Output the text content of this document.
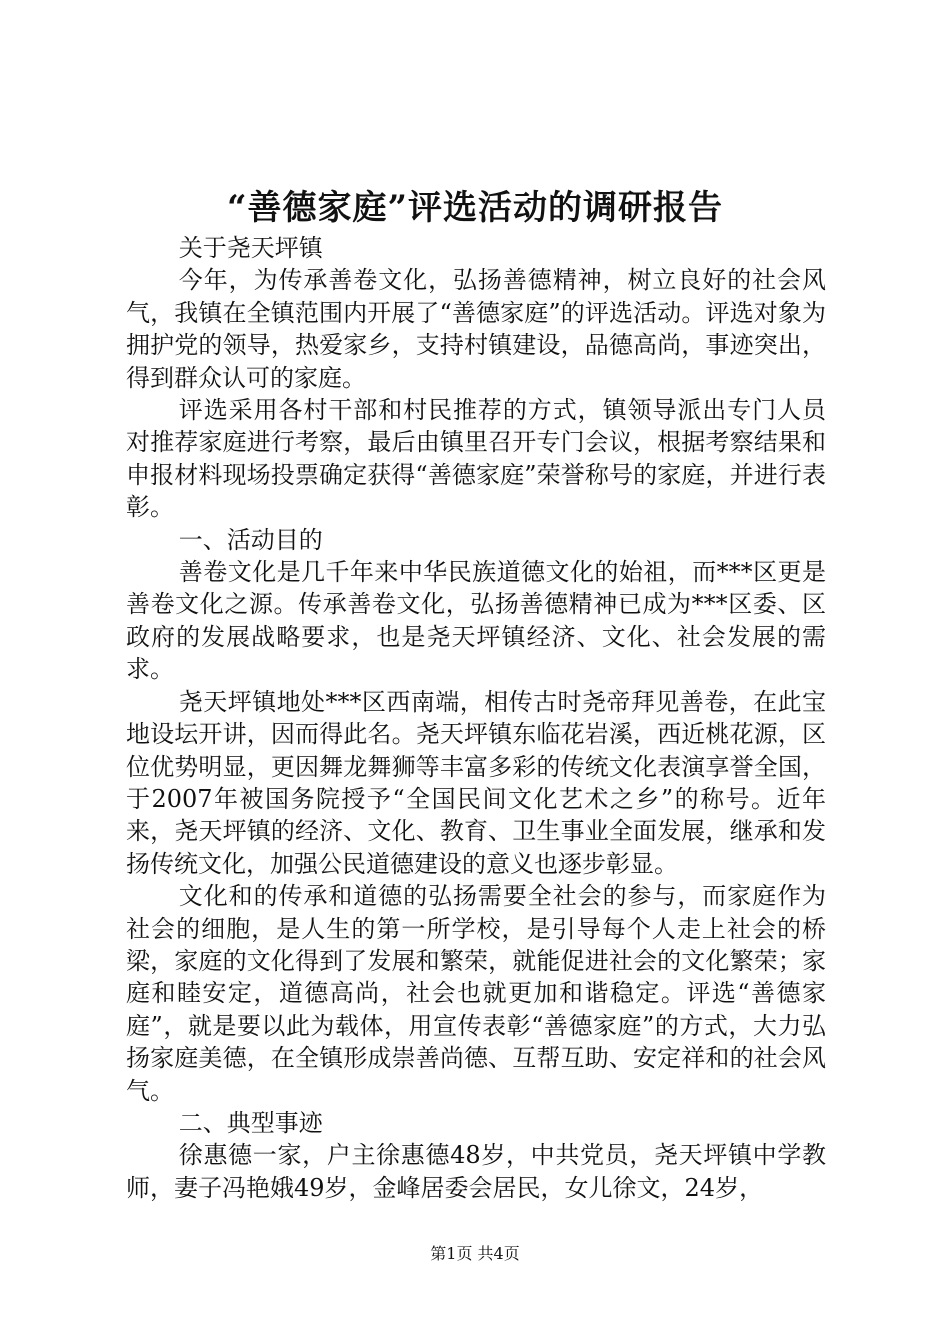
“善德家庭”评选活动的调研报告

关于尧天坪镇

今年，为传承善卷文化，弘扬善德精神，树立良好的社会风气，我镇在全镇范围内开展了“善德家庭”的评选活动。评选对象为拥护党的领导，热爱家乡，支持村镇建设，品德高尚，事迹突出，得到群众认可的家庭。

评选采用各村干部和村民推荐的方式，镇领导派出专门人员对推荐家庭进行考察，最后由镇里召开专门会议，根据考察结果和申报材料现场投票确定获得“善德家庭”荣誉称号的家庭，并进行表彰。

一、活动目的

善卷文化是几千年来中华民族道德文化的始祖，而***区更是善卷文化之源。传承善卷文化，弘扬善德精神已成为***区委、区政府的发展战略要求，也是尧天坪镇经济、文化、社会发展的需求。

尧天坪镇地处***区西南端，相传古时尧帝拜见善卷，在此宝地设坛开讲，因而得此名。尧天坪镇东临花岩溪，西近桃花源，区位优势明显，更因舞龙舞狮等丰富多彩的传统文化表演享誉全国，于2007年被国务院授予“全国民间文化艺术之乡”的称号。近年来，尧天坪镇的经济、文化、教育、卫生事业全面发展，继承和发扬传统文化，加强公民道德建设的意义也逐步彰显。

文化和的传承和道德的弘扬需要全社会的参与，而家庭作为社会的细胞，是人生的第一所学校，是引导每个人走上社会的桥梁，家庭的文化得到了发展和繁荣，就能促进社会的文化繁荣；家庭和睦安定，道德高尚，社会也就更加和谐稳定。评选“善德家庭”，就是要以此为载体，用宣传表彰“善德家庭”的方式，大力弘扬家庭美德，在全镇形成崇善尚德、互帮互助、安定祥和的社会风气。

二、典型事迹

徐惠德一家，户主徐惠德48岁，中共党员，尧天坪镇中学教师，妻子冯艳娥49岁，金峰居委会居民，女儿徐文，24岁，

第1页 共4页
